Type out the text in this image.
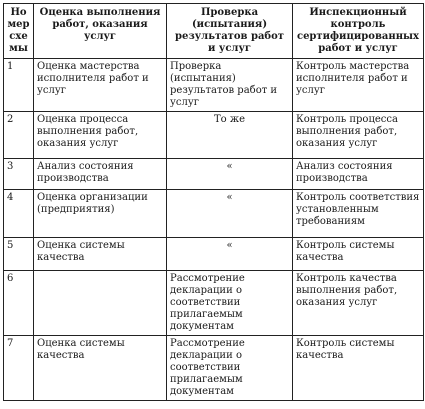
Номер схемы	Оценка выполнения работ, оказания услуг	Проверка (испытания) результатов работ и услуг	Инспекционный контроль сертифицированных работ и услуг
1	Оценка мастерства исполнителя работ и услуг	Проверка (испытания) результатов работ и услуг	Контроль мастерства исполнителя работ и услуг
2	Оценка процесса выполнения работ, оказания услуг	То же	Контроль процесса выполнения работ, оказания услуг
3	Анализ состояния производства	«	Анализ состояния производства
4	Оценка организации (предприятия)	«	Контроль соответствия установленным требованиям
5	Оценка системы качества	«	Контроль системы качества
6		Рассмотрение декларации о соответствии прилагаемым документам	Контроль качества выполнения работ, оказания услуг
7	Оценка системы качества	Рассмотрение декларации о соответствии прилагаемым документам	Контроль системы качества
